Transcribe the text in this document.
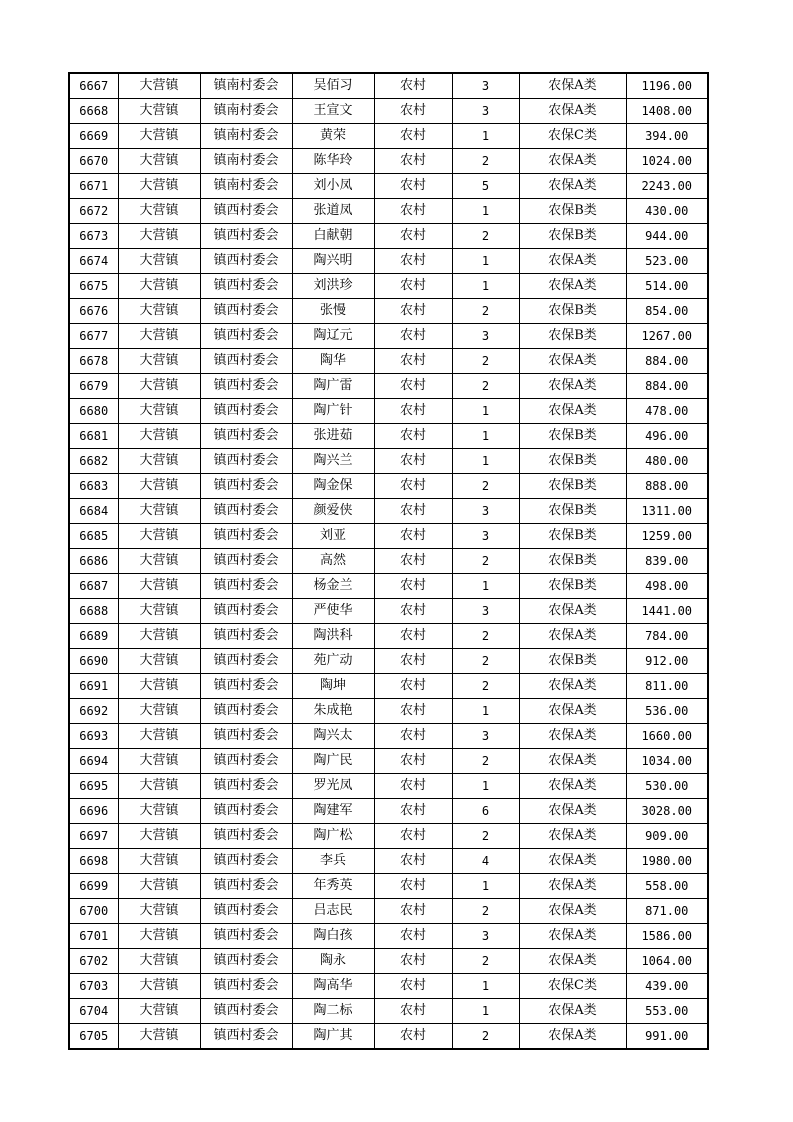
6667	大营镇	镇南村委会	吴佰习	农村	3	农保A类	1196.00
6668	大营镇	镇南村委会	王宣文	农村	3	农保A类	1408.00
6669	大营镇	镇南村委会	黄荣	农村	1	农保C类	394.00
6670	大营镇	镇南村委会	陈华玲	农村	2	农保A类	1024.00
6671	大营镇	镇南村委会	刘小凤	农村	5	农保A类	2243.00
6672	大营镇	镇西村委会	张道凤	农村	1	农保B类	430.00
6673	大营镇	镇西村委会	白献朝	农村	2	农保B类	944.00
6674	大营镇	镇西村委会	陶兴明	农村	1	农保A类	523.00
6675	大营镇	镇西村委会	刘洪珍	农村	1	农保A类	514.00
6676	大营镇	镇西村委会	张慢	农村	2	农保B类	854.00
6677	大营镇	镇西村委会	陶辽元	农村	3	农保B类	1267.00
6678	大营镇	镇西村委会	陶华	农村	2	农保A类	884.00
6679	大营镇	镇西村委会	陶广雷	农村	2	农保A类	884.00
6680	大营镇	镇西村委会	陶广针	农村	1	农保A类	478.00
6681	大营镇	镇西村委会	张进茹	农村	1	农保B类	496.00
6682	大营镇	镇西村委会	陶兴兰	农村	1	农保B类	480.00
6683	大营镇	镇西村委会	陶金保	农村	2	农保B类	888.00
6684	大营镇	镇西村委会	颜爱侠	农村	3	农保B类	1311.00
6685	大营镇	镇西村委会	刘亚	农村	3	农保B类	1259.00
6686	大营镇	镇西村委会	高然	农村	2	农保B类	839.00
6687	大营镇	镇西村委会	杨金兰	农村	1	农保B类	498.00
6688	大营镇	镇西村委会	严使华	农村	3	农保A类	1441.00
6689	大营镇	镇西村委会	陶洪科	农村	2	农保A类	784.00
6690	大营镇	镇西村委会	苑广动	农村	2	农保B类	912.00
6691	大营镇	镇西村委会	陶坤	农村	2	农保A类	811.00
6692	大营镇	镇西村委会	朱成艳	农村	1	农保A类	536.00
6693	大营镇	镇西村委会	陶兴太	农村	3	农保A类	1660.00
6694	大营镇	镇西村委会	陶广民	农村	2	农保A类	1034.00
6695	大营镇	镇西村委会	罗光凤	农村	1	农保A类	530.00
6696	大营镇	镇西村委会	陶建军	农村	6	农保A类	3028.00
6697	大营镇	镇西村委会	陶广松	农村	2	农保A类	909.00
6698	大营镇	镇西村委会	李兵	农村	4	农保A类	1980.00
6699	大营镇	镇西村委会	年秀英	农村	1	农保A类	558.00
6700	大营镇	镇西村委会	吕志民	农村	2	农保A类	871.00
6701	大营镇	镇西村委会	陶白孩	农村	3	农保A类	1586.00
6702	大营镇	镇西村委会	陶永	农村	2	农保A类	1064.00
6703	大营镇	镇西村委会	陶高华	农村	1	农保C类	439.00
6704	大营镇	镇西村委会	陶二标	农村	1	农保A类	553.00
6705	大营镇	镇西村委会	陶广其	农村	2	农保A类	991.00
